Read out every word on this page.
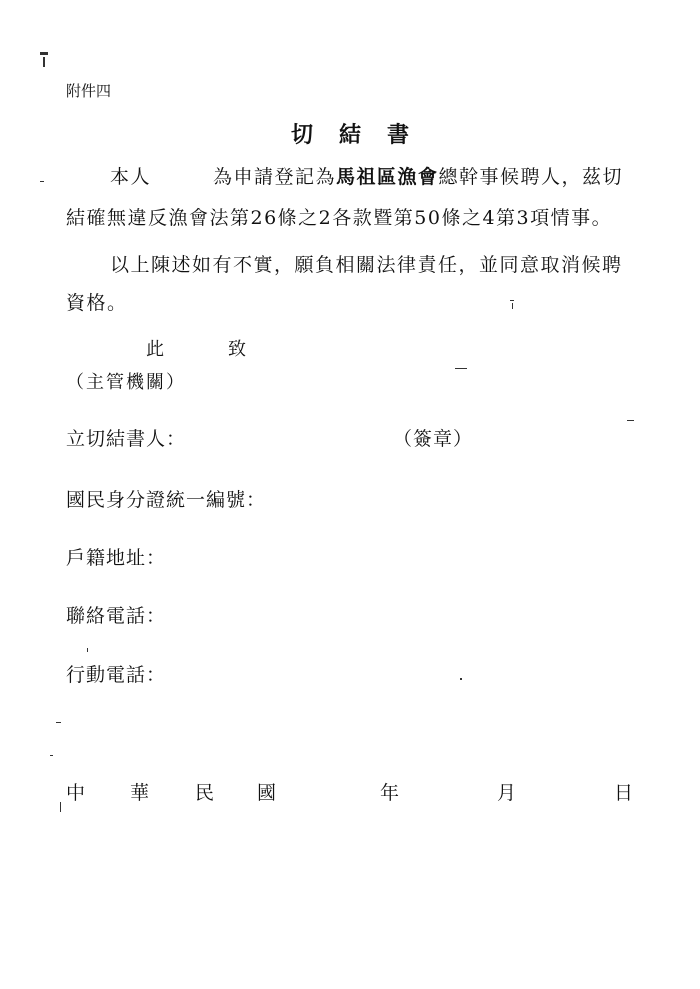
附件四
切結書
本人	為申請登記為馬祖區漁會總幹事候聘人，茲切
結確無違反漁會法第26條之2各款暨第50條之4第3項情事。
以上陳述如有不實，願負相關法律責任，並同意取消候聘
資格。
此	致
（主管機關）
立切結書人：	（簽章）
國民身分證統一編號：
戶籍地址：
聯絡電話：
行動電話：
中 華 民 國	年	月	日
